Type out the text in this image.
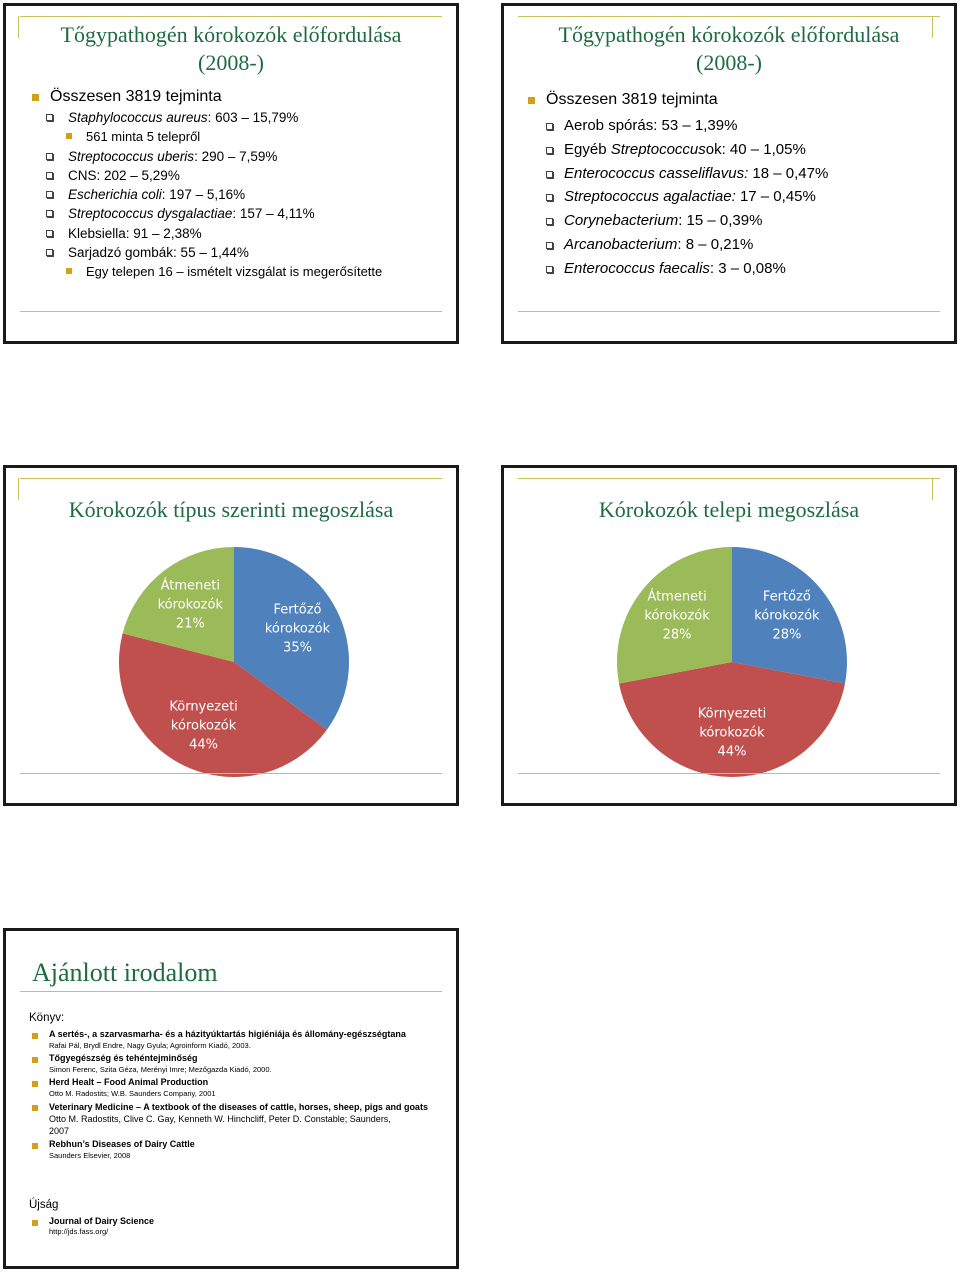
Tőgypathogén kórokozók előfordulása
(2008-)
Összesen 3819 tejminta
Staphylococcus aureus: 603 – 15,79%
561 minta 5 telepről
Streptococcus uberis: 290 – 7,59%
CNS: 202 – 5,29%
Escherichia coli: 197 – 5,16%
Streptococcus dysgalactiae: 157 – 4,11%
Klebsiella: 91 – 2,38%
Sarjadzó gombák: 55 – 1,44%
Egy telepen 16 – ismételt vizsgálat is megerősítette
Tőgypathogén kórokozók előfordulása
(2008-)
Összesen 3819 tejminta
Aerob spórás: 53 – 1,39%
Egyéb Streptococcusok: 40 – 1,05%
Enterococcus casseliflavus: 18 – 0,47%
Streptococcus agalactiae: 17 – 0,45%
Corynebacterium: 15 – 0,39%
Arcanobacterium: 8 – 0,21%
Enterococcus faecalis: 3 – 0,08%
Kórokozók típus szerinti megoszlása
Fertőző kórokozók 35%
Környezeti kórokozók 44%
Átmeneti kórokozók 21%
Kórokozók telepi megoszlása
Fertőző kórokozók 28%
Környezeti kórokozók 44%
Átmeneti kórokozók 28%
Ajánlott irodalom
Könyv:
A sertés-, a szarvasmarha- és a házityúktartás higiéniája és állomány-egészségtana
Rafai Pál, Brydl Endre, Nagy Gyula; Agroinform Kiadó, 2003.
Tőgyegészség és tehéntejminőség
Simon Ferenc, Szita Géza, Merényi Imre; Mezőgazda Kiadó, 2000.
Herd Healt – Food Animal Production
Otto M. Radostits; W.B. Saunders Company, 2001
Veterinary Medicine – A textbook of the diseases of cattle, horses, sheep, pigs and goats
Otto M. Radostits, Clive C. Gay, Kenneth W. Hinchcliff, Peter D. Constable; Saunders, 2007
Rebhun’s Diseases of Dairy Cattle
Saunders Elsevier, 2008
Újság
Journal of Dairy Science
http://jds.fass.org/
